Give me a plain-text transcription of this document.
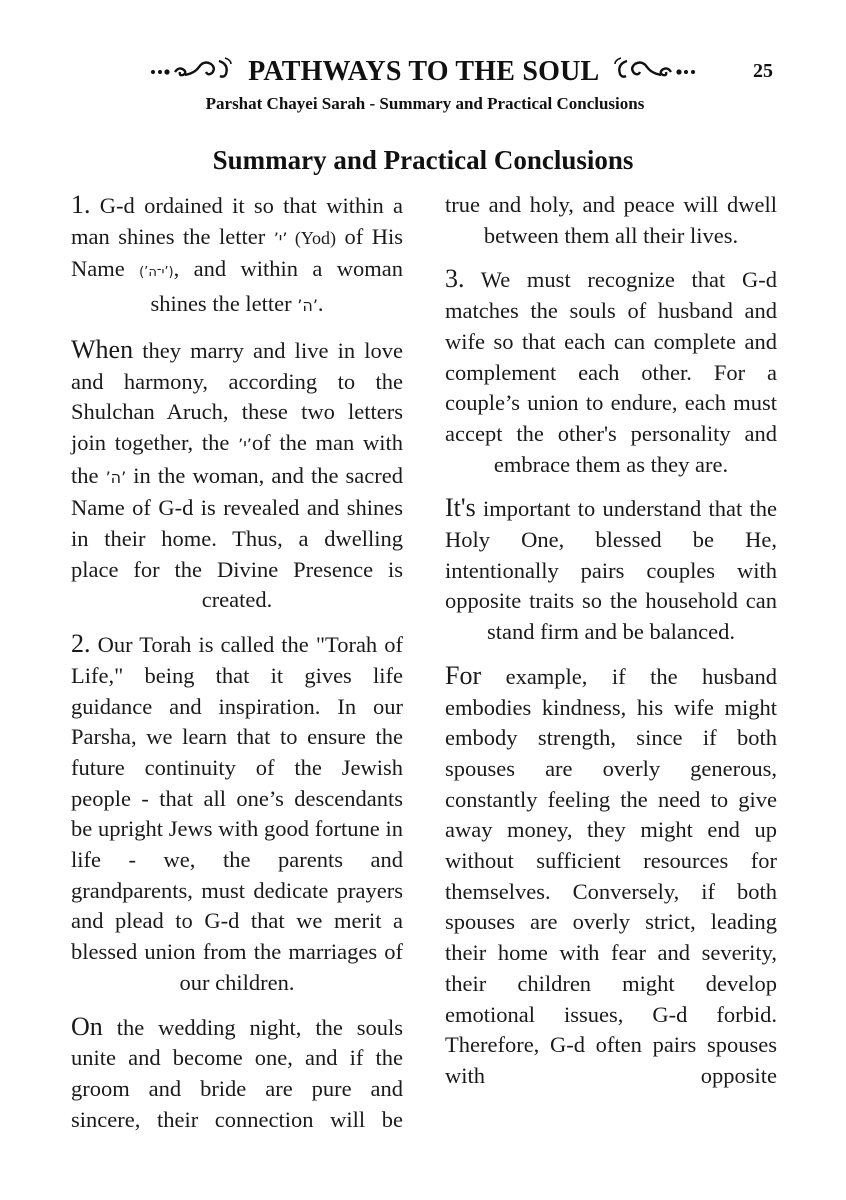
PATHWAYS TO THE SOUL	25
Parshat Chayei Sarah - Summary and Practical Conclusions
Summary and Practical Conclusions

1. G-d ordained it so that within a man shines the letter ’י’ (Yod) of His Name (’י־ה’), and within a woman shines the letter ’ה’.

When they marry and live in love and harmony, according to the Shulchan Aruch, these two letters join together, the ’י’of the man with the ’ה’ in the woman, and the sacred Name of G-d is revealed and shines in their home. Thus, a dwelling place for the Divine Presence is created.

2. Our Torah is called the "Torah of Life," being that it gives life guidance and inspiration. In our Parsha, we learn that to ensure the future continuity of the Jewish people - that all one’s descendants be upright Jews with good fortune in life - we, the parents and grandparents, must dedicate prayers and plead to G-d that we merit a blessed union from the marriages of our children.

On the wedding night, the souls unite and become one, and if the groom and bride are pure and sincere, their connection will be

true and holy, and peace will dwell between them all their lives.

3. We must recognize that G-d matches the souls of husband and wife so that each can complete and complement each other. For a couple’s union to endure, each must accept the other's personality and embrace them as they are.

It's important to understand that the Holy One, blessed be He, intentionally pairs couples with opposite traits so the household can stand firm and be balanced.

For example, if the husband embodies kindness, his wife might embody strength, since if both spouses are overly generous, constantly feeling the need to give away money, they might end up without sufficient resources for themselves. Conversely, if both spouses are overly strict, leading their home with fear and severity, their children might develop emotional issues, G-d forbid. Therefore, G-d often pairs spouses with opposite
